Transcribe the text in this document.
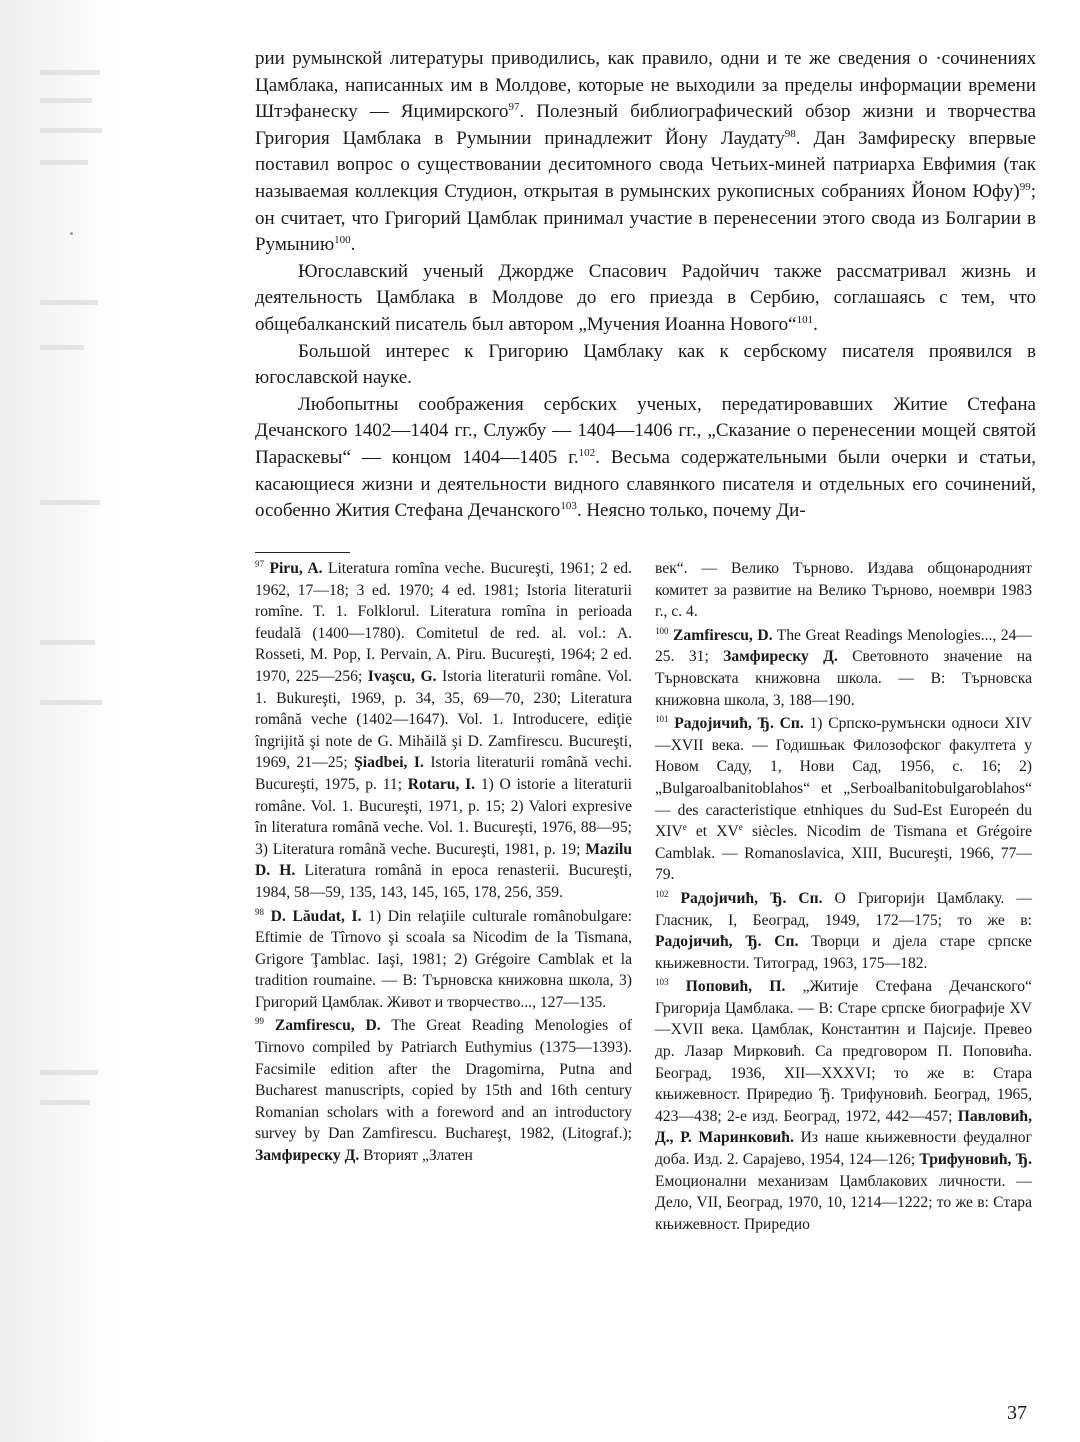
рии румынской литературы приводились, как правило, одни и те же сведения о ·сочинениях Цамблака, написанных им в Молдове, которые не выходили за пределы информации времени Штэфанеску — Яцимирского$^{97}$. Полезный библиографический обзор жизни и творчества Григория Цамблака в Румынии принадлежит Йону Лаудату$^{98}$. Дан Замфиреску впервые поставил вопрос о существовании деситомного свода Четьих-миней патриарха Евфимия (так называемая коллекция Студион, открытая в румынских рукописных собраниях Йоном Юфу)$^{99}$; он считает, что Григорий Цамблак принимал участие в перенесении этого свода из Болгарии в Румынию$^{100}$.

Югославский ученый Джордже Спасович Радойчич также рассматривал жизнь и деятельность Цамблака в Молдове до его приезда в Сербию, соглашаясь с тем, что общебалканский писатель был автором „Мучения Иоанна Нового“$^{101}$.

Большой интерес к Григорию Цамблаку как к сербскому писателя проявился в югославской науке.

Любопытны соображения сербских ученых, передатировавших Житие Стефана Дечанского 1402—1404 гг., Службу — 1404—1406 гг., „Сказание о перенесении мощей святой Параскевы“ — концом 1404—1405 г.$^{102}$. Весьма содержательными были очерки и статьи, касающиеся жизни и деятельности видного славянкого писателя и отдельных его сочинений, особенно Жития Стефана Дечанского$^{103}$. Неясно только, почему Ди-

$^{97}$ Piru, A. Literatura romîna veche. Bucureşti, 1961; 2 ed. 1962, 17—18; 3 ed. 1970; 4 ed. 1981; Istoria literaturii romîne. T. 1. Folklorul. Literatura romîna in perioada feudală (1400—1780). Comitetul de red. al. vol.: A. Rosseti, M. Pop, I. Pervain, A. Piru. Bucureşti, 1964; 2 ed. 1970, 225—256; Ivaşcu, G. Istoria literaturii române. Vol. 1. Bukureşti, 1969, p. 34, 35, 69—70, 230; Literatura română veche (1402—1647). Vol. 1. Introducere, ediţie îngrijită şi note de G. Mihăilă şi D. Zamfirescu. Bucureşti, 1969, 21—25; Şiadbei, I. Istoria literaturii română vechi. Bucureşti, 1975, p. 11; Rotaru, I. 1) O istorie a literaturii române. Vol. 1. Bucureşti, 1971, p. 15; 2) Valori expresive în literatura română veche. Vol. 1. Bucureşti, 1976, 88—95; 3) Literatura română veche. Bucureşti, 1981, p. 19; Mazilu D. H. Literatura română in epoca renasterii. Bucureşti, 1984, 58—59, 135, 143, 145, 165, 178, 256, 359.

$^{98}$ D. Lăudat, I. 1) Din relaţiile culturale românobulgare: Eftimie de Tîrnovo şi scoala sa Nicodim de la Tismana, Grigore Ţamblac. Iaşi, 1981; 2) Grégoire Camblak et la tradition roumaine. — В: Търновска книжовна школа, 3) Григорий Цамблак. Живот и творчество..., 127—135.

$^{99}$ Zamfirescu, D. The Great Reading Menologies of Tirnovo compiled by Patriarch Euthymius (1375—1393). Facsimile edition after the Dragomirna, Putna and Bucharest manuscripts, copied by 15th and 16th century Romanian scholars with a foreword and an introductory survey by Dan Zamfirescu. Buchareşt, 1982, (Litograf.); Замфиреску Д. Вторият „Златен

век“. — Велико Търново. Издава общонародният комитет за развитие на Велико Търново, ноември 1983 г., с. 4.

$^{100}$ Zamfirescu, D. The Great Readings Menologies..., 24—25. 31; Замфиреску Д. Световното значение на Търновската книжовна школа. — В: Търновска книжовна школа, 3, 188—190.

$^{101}$ Радојичић, Ђ. Сп. 1) Српско-румънски односи XIV—XVII века. — Годишњак Филозофског факултета у Новом Саду, 1, Нови Сад, 1956, с. 16; 2) „Bulgaroalbanitoblahos“ et „Serboalbanitobulgaroblahos“ — des caracteristique etnhiques du Sud-Est Europeén du XIVe et XVe siècles. Nicodim de Tismana et Grégoire Camblak. — Romanoslavica, XIII, Bucureşti, 1966, 77—79.

$^{102}$ Радојичић, Ђ. Сп. О Григорији Цамблаку. — Гласник, I, Београд, 1949, 172—175; то же в: Радојичић, Ђ. Сп. Творци и дјела старе српске књижевности. Титоград, 1963, 175—182.

$^{103}$ Поповић, П. „Житије Стефана Дечанского“ Григорија Цамблака. — В: Старе српске биографије XV—XVII века. Цамблак, Константин и Пајсије. Превео др. Лазар Мирковић. Са предговором П. Поповића. Београд, 1936, XII—XXXVI; то же в: Стара књижевност. Приредио Ђ. Трифуновић. Београд, 1965, 423—438; 2-е изд. Београд, 1972, 442—457; Павловић, Д., Р. Маринковић. Из наше књижевности феудалног доба. Изд. 2. Сарајево, 1954, 124—126; Трифуновић, Ђ. Емоционални механизам Цамблакових личности. — Дело, VII, Београд, 1970, 10, 1214—1222; то же в: Стара књижевност. Приредио

37
